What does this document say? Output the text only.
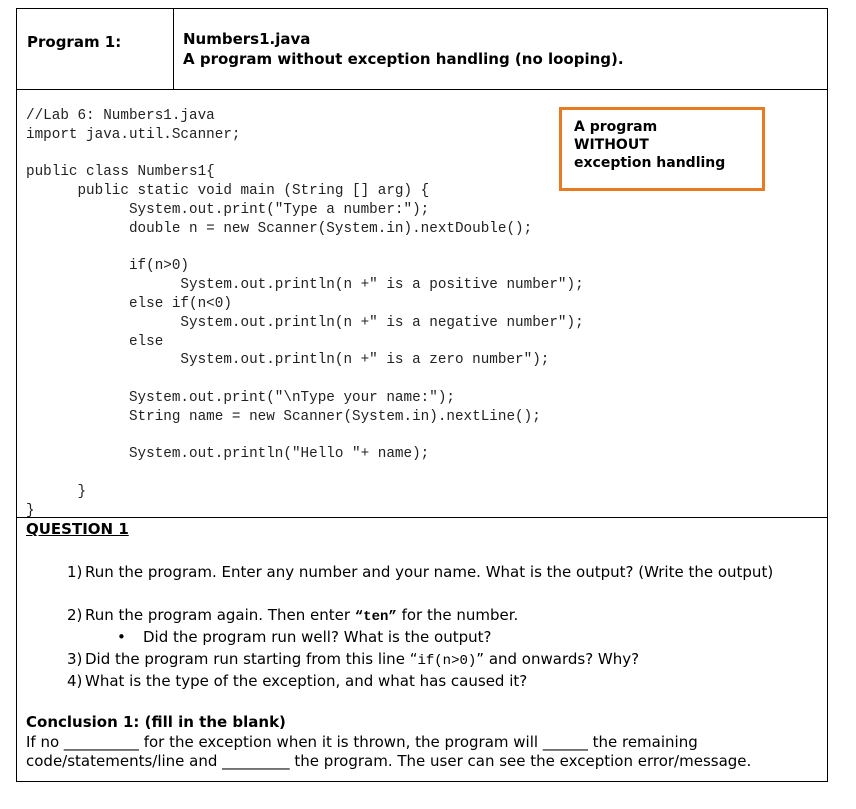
Program 1:	Numbers1.java
A program without exception handling (no looping).
//Lab 6: Numbers1.java
import java.util.Scanner;

public class Numbers1{
public static void main (String [] arg) {
System.out.print("Type a number:");
double n = new Scanner(System.in).nextDouble();

if(n>0)
System.out.println(n +" is a positive number");
else if(n<0)
System.out.println(n +" is a negative number");
else
System.out.println(n +" is a zero number");

System.out.print("\nType your name:");
String name = new Scanner(System.in).nextLine();

System.out.println("Hello "+ name);

}
}
A program
WITHOUT
exception handling
QUESTION 1
1) Run the program. Enter any number and your name. What is the output? (Write the output)
2) Run the program again. Then enter “ten” for the number.
• Did the program run well? What is the output?
3) Did the program run starting from this line “if(n>0)” and onwards? Why?
4) What is the type of the exception, and what has caused it?
Conclusion 1: (fill in the blank)
If no __________ for the exception when it is thrown, the program will ______ the remaining code/statements/line and _________ the program. The user can see the exception error/message.
